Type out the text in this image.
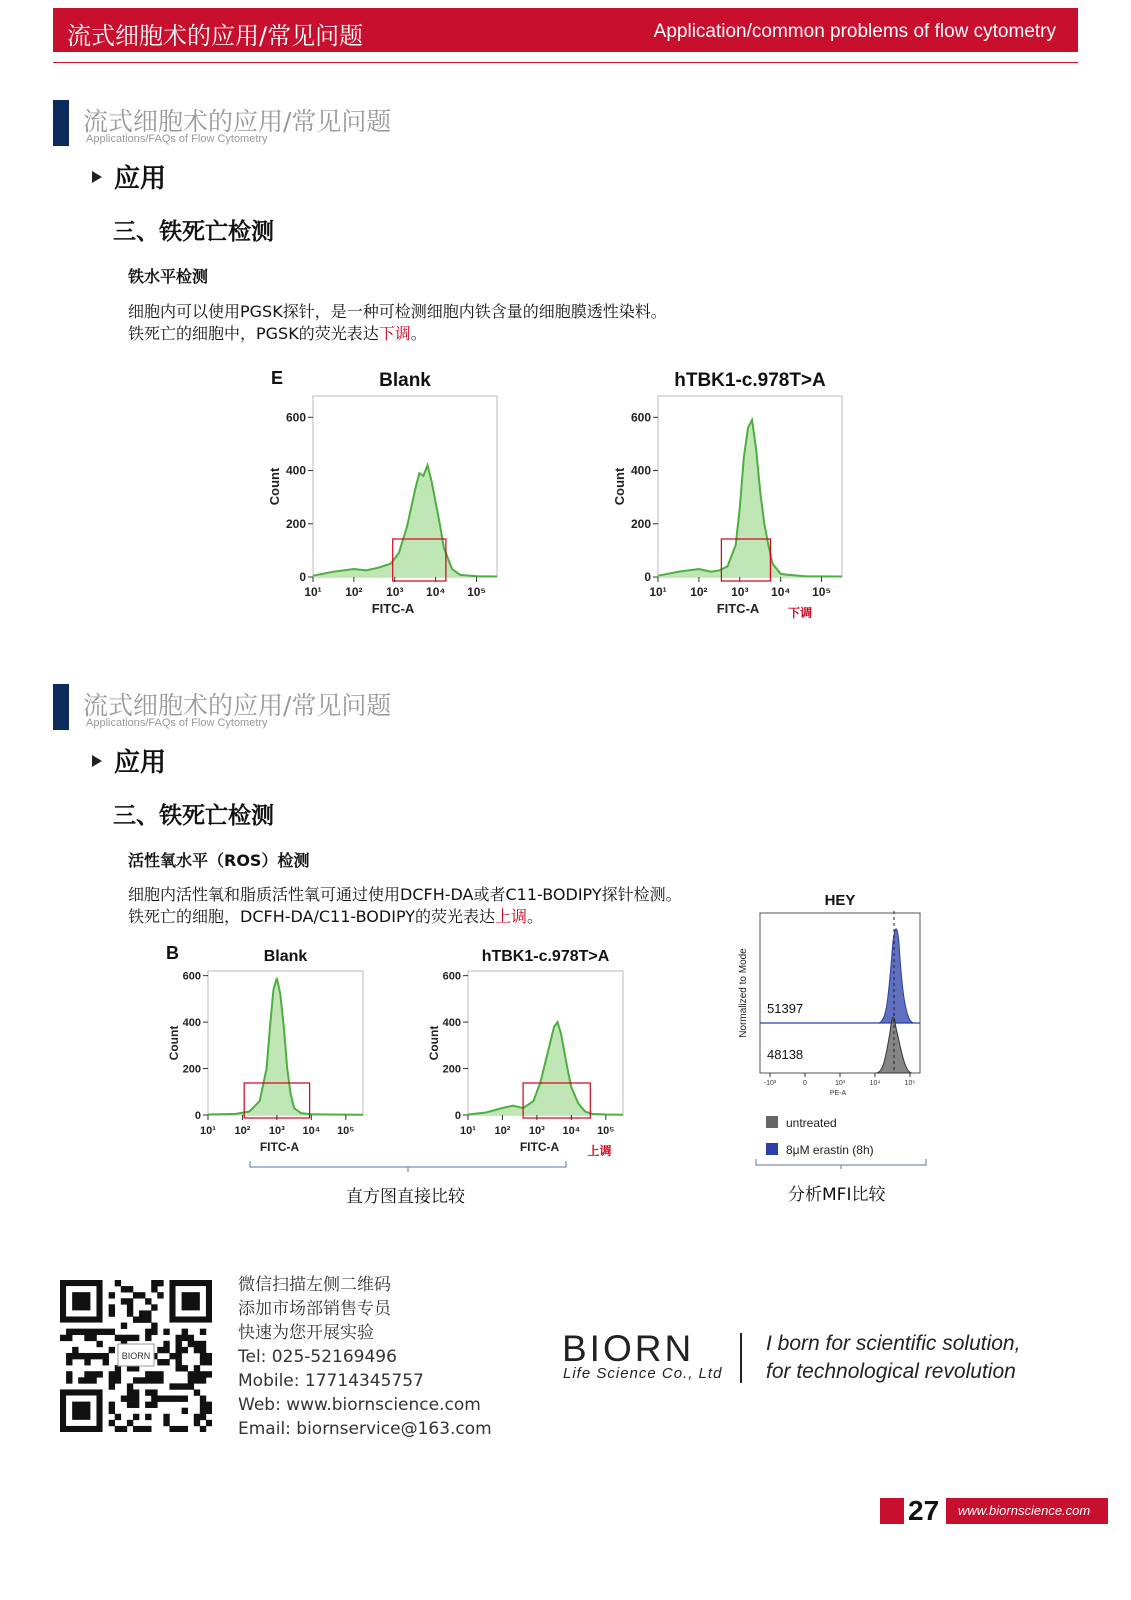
流式细胞术的应用/常见问题	Application/common problems of flow cytometry
流式细胞术的应用/常见问题
Applications/FAQs of Flow Cytometry
应用
三、铁死亡检测
铁水平检测
细胞内可以使用PGSK探针，是一种可检测细胞内铁含量的细胞膜透性染料。
铁死亡的细胞中，PGSK的荧光表达下调。
E	Blank
0
200
400
600
10¹ 10² 10³ 10⁴ 10⁵
FITC-A
Count
hTBK1-c.978T>A
0
200
400
600
10¹ 10² 10³ 10⁴ 10⁵
FITC-A
Count
下调
流式细胞术的应用/常见问题
Applications/FAQs of Flow Cytometry
应用
三、铁死亡检测
活性氧水平（ROS）检测
细胞内活性氧和脂质活性氧可通过使用DCFH-DA或者C11-BODIPY探针检测。
铁死亡的细胞，DCFH-DA/C11-BODIPY的荧光表达上调。
B	Blank
0
200
400
600
10¹ 10² 10³ 10⁴ 10⁵
FITC-A
Count
hTBK1-c.978T>A
0
200
400
600
10¹ 10² 10³ 10⁴ 10⁵
FITC-A
Count
上调
直方图直接比较
HEY
51397
48138
Normalized to Mode
-10³	0	10³	10⁴	10⁵
PE-A
untreated
8μM erastin (8h)
分析MFI比较
BIORN
微信扫描左侧二维码
添加市场部销售专员
快速为您开展实验
Tel: 025-52169496
Mobile: 17714345757
Web: www.biornscience.com
Email: biornservice@163.com
BIORN
Life Science Co., Ltd
I born for scientific solution,
for technological revolution
27 www.biornscience.com
